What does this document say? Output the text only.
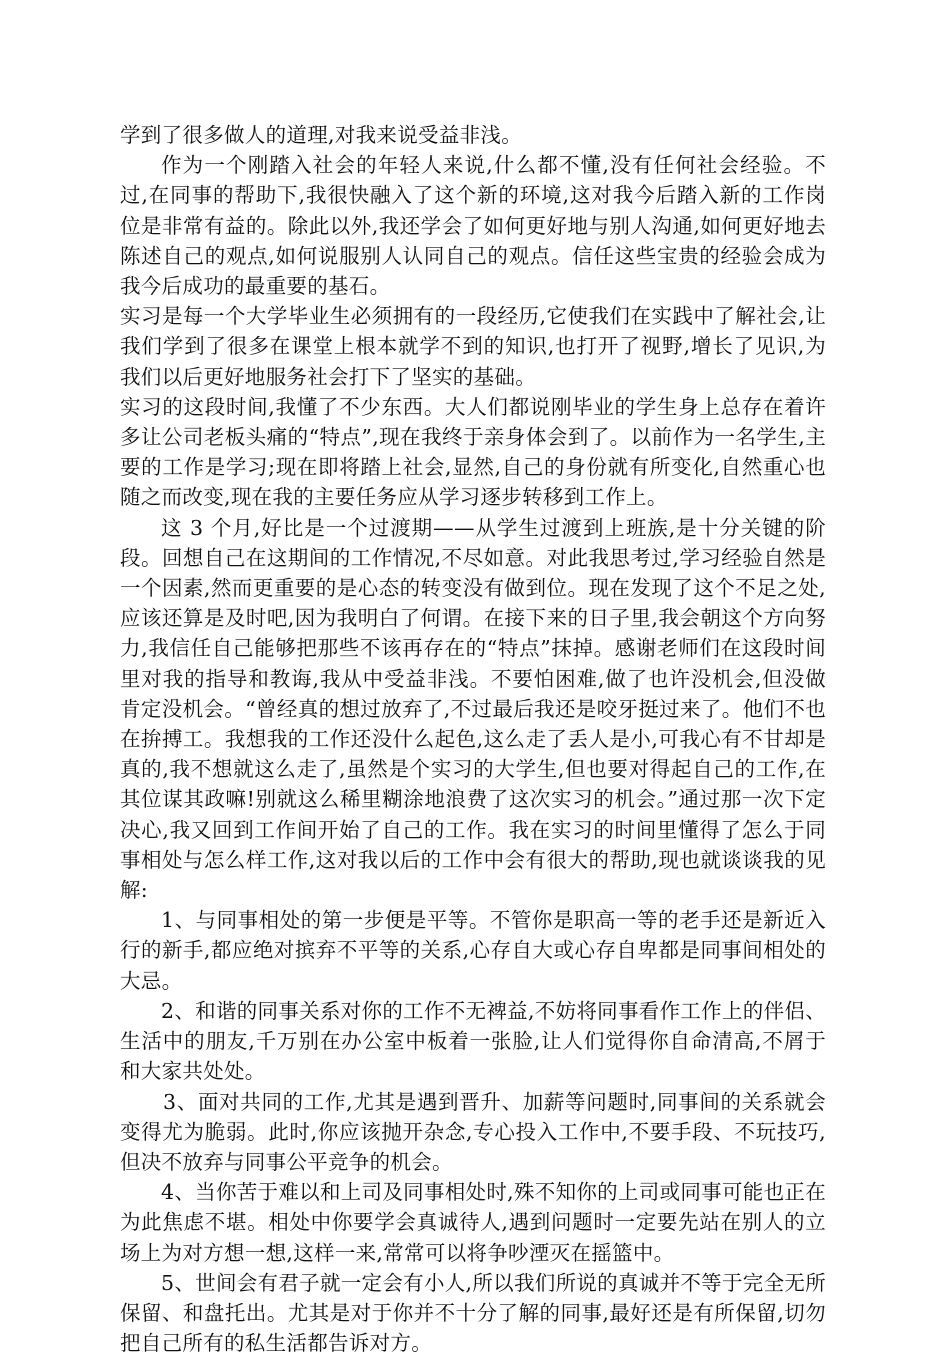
学到了很多做人的道理,对我来说受益非浅。

作为一个刚踏入社会的年轻人来说,什么都不懂,没有任何社会经验。不过,在同事的帮助下,我很快融入了这个新的环境,这对我今后踏入新的工作岗位是非常有益的。除此以外,我还学会了如何更好地与别人沟通,如何更好地去陈述自己的观点,如何说服别人认同自己的观点。信任这些宝贵的经验会成为我今后成功的最重要的基石。

实习是每一个大学毕业生必须拥有的一段经历,它使我们在实践中了解社会,让我们学到了很多在课堂上根本就学不到的知识,也打开了视野,增长了见识,为我们以后更好地服务社会打下了坚实的基础。

实习的这段时间,我懂了不少东西。大人们都说刚毕业的学生身上总存在着许多让公司老板头痛的“特点”,现在我终于亲身体会到了。以前作为一名学生,主要的工作是学习;现在即将踏上社会,显然,自己的身份就有所变化,自然重心也随之而改变,现在我的主要任务应从学习逐步转移到工作上。

这 3 个月,好比是一个过渡期——从学生过渡到上班族,是十分关键的阶段。回想自己在这期间的工作情况,不尽如意。对此我思考过,学习经验自然是一个因素,然而更重要的是心态的转变没有做到位。现在发现了这个不足之处,应该还算是及时吧,因为我明白了何谓。在接下来的日子里,我会朝这个方向努力,我信任自己能够把那些不该再存在的“特点”抹掉。感谢老师们在这段时间里对我的指导和教诲,我从中受益非浅。不要怕困难,做了也许没机会,但没做肯定没机会。“曾经真的想过放弃了,不过最后我还是咬牙挺过来了。他们不也在拚搏工。我想我的工作还没什么起色,这么走了丢人是小,可我心有不甘却是真的,我不想就这么走了,虽然是个实习的大学生,但也要对得起自己的工作,在其位谋其政嘛!别就这么稀里糊涂地浪费了这次实习的机会。”通过那一次下定决心,我又回到工作间开始了自己的工作。我在实习的时间里懂得了怎么于同事相处与怎么样工作,这对我以后的工作中会有很大的帮助,现也就谈谈我的见解:

1、与同事相处的第一步便是平等。不管你是职高一等的老手还是新近入行的新手,都应绝对摈弃不平等的关系,心存自大或心存自卑都是同事间相处的大忌。

2、和谐的同事关系对你的工作不无裨益,不妨将同事看作工作上的伴侣、生活中的朋友,千万别在办公室中板着一张脸,让人们觉得你自命清高,不屑于和大家共处处。

3、面对共同的工作,尤其是遇到晋升、加薪等问题时,同事间的关系就会变得尤为脆弱。此时,你应该抛开杂念,专心投入工作中,不要手段、不玩技巧,但决不放弃与同事公平竞争的机会。

4、当你苦于难以和上司及同事相处时,殊不知你的上司或同事可能也正在为此焦虑不堪。相处中你要学会真诚待人,遇到问题时一定要先站在别人的立场上为对方想一想,这样一来,常常可以将争吵湮灭在摇篮中。

5、世间会有君子就一定会有小人,所以我们所说的真诚并不等于完全无所保留、和盘托出。尤其是对于你并不十分了解的同事,最好还是有所保留,切勿把自己所有的私生活都告诉对方。
